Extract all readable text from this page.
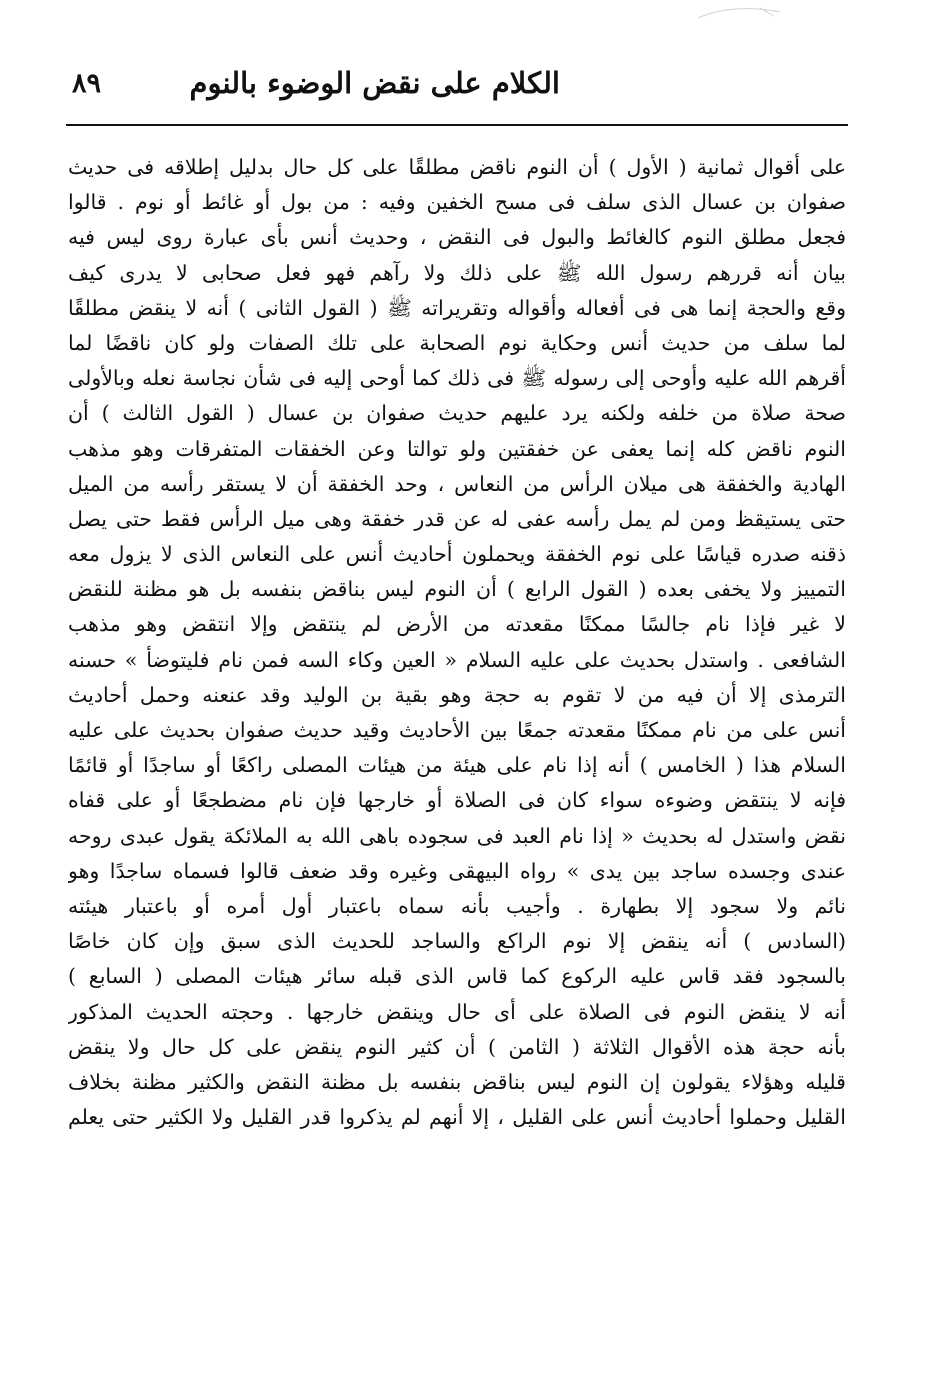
الكلام على نقض الوضوء بالنوم
٨٩
على أقوال ثمانية ( الأول ) أن النوم ناقض مطلقًا على كل حال بدليل إطلاقه فى حديث
صفوان بن عسال الذى سلف فى مسح الخفين وفيه : من بول أو غائط أو نوم . قالوا
فجعل مطلق النوم كالغائط والبول فى النقض ، وحديث أنس بأى عبارة روى ليس فيه
بيان أنه قررهم رسول الله ﷺ على ذلك ولا رآهم فهو فعل صحابى لا يدرى كيف
وقع والحجة إنما هى فى أفعاله وأقواله وتقريراته ﷺ ( القول الثانى ) أنه لا ينقض مطلقًا
لما سلف من حديث أنس وحكاية نوم الصحابة على تلك الصفات ولو كان ناقضًا لما
أقرهم الله عليه وأوحى إلى رسوله ﷺ فى ذلك كما أوحى إليه فى شأن نجاسة نعله وبالأولى
صحة صلاة من خلفه ولكنه يرد عليهم حديث صفوان بن عسال ( القول الثالث ) أن
النوم ناقض كله إنما يعفى عن خفقتين ولو توالتا وعن الخفقات المتفرقات وهو مذهب
الهادية والخفقة هى ميلان الرأس من النعاس ، وحد الخفقة أن لا يستقر رأسه من الميل
حتى يستيقظ ومن لم يمل رأسه عفى له عن قدر خفقة وهى ميل الرأس فقط حتى يصل
ذقنه صدره قياسًا على نوم الخفقة ويحملون أحاديث أنس على النعاس الذى لا يزول معه
التمييز ولا يخفى بعده ( القول الرابع ) أن النوم ليس بناقض بنفسه بل هو مظنة للنقض
لا غير فإذا نام جالسًا ممكنًا مقعدته من الأرض لم ينتقض وإلا انتقض وهو مذهب
الشافعى . واستدل بحديث على عليه السلام « العين وكاء السه فمن نام فليتوضأ » حسنه
الترمذى إلا أن فيه من لا تقوم به حجة وهو بقية بن الوليد وقد عنعنه وحمل أحاديث
أنس على من نام ممكنًا مقعدته جمعًا بين الأحاديث وقيد حديث صفوان بحديث على عليه
السلام هذا ( الخامس ) أنه إذا نام على هيئة من هيئات المصلى راكعًا أو ساجدًا أو قائمًا
فإنه لا ينتقض وضوءه سواء كان فى الصلاة أو خارجها فإن نام مضطجعًا أو على قفاه
نقض واستدل له بحديث « إذا نام العبد فى سجوده باهى الله به الملائكة يقول عبدى روحه
عندى وجسده ساجد بين يدى » رواه البيهقى وغيره وقد ضعف قالوا فسماه ساجدًا وهو
نائم ولا سجود إلا بطهارة . وأجيب بأنه سماه باعتبار أول أمره أو باعتبار هيئته
(السادس ) أنه ينقض إلا نوم الراكع والساجد للحديث الذى سبق وإن كان خاصًا
بالسجود فقد قاس عليه الركوع كما قاس الذى قبله سائر هيئات المصلى ( السابع )
أنه لا ينقض النوم فى الصلاة على أى حال وينقض خارجها . وحجته الحديث المذكور
بأنه حجة هذه الأقوال الثلاثة ( الثامن ) أن كثير النوم ينقض على كل حال ولا ينقض
قليله وهؤلاء يقولون إن النوم ليس بناقض بنفسه بل مظنة النقض والكثير مظنة بخلاف
القليل وحملوا أحاديث أنس على القليل ، إلا أنهم لم يذكروا قدر القليل ولا الكثير حتى يعلم
